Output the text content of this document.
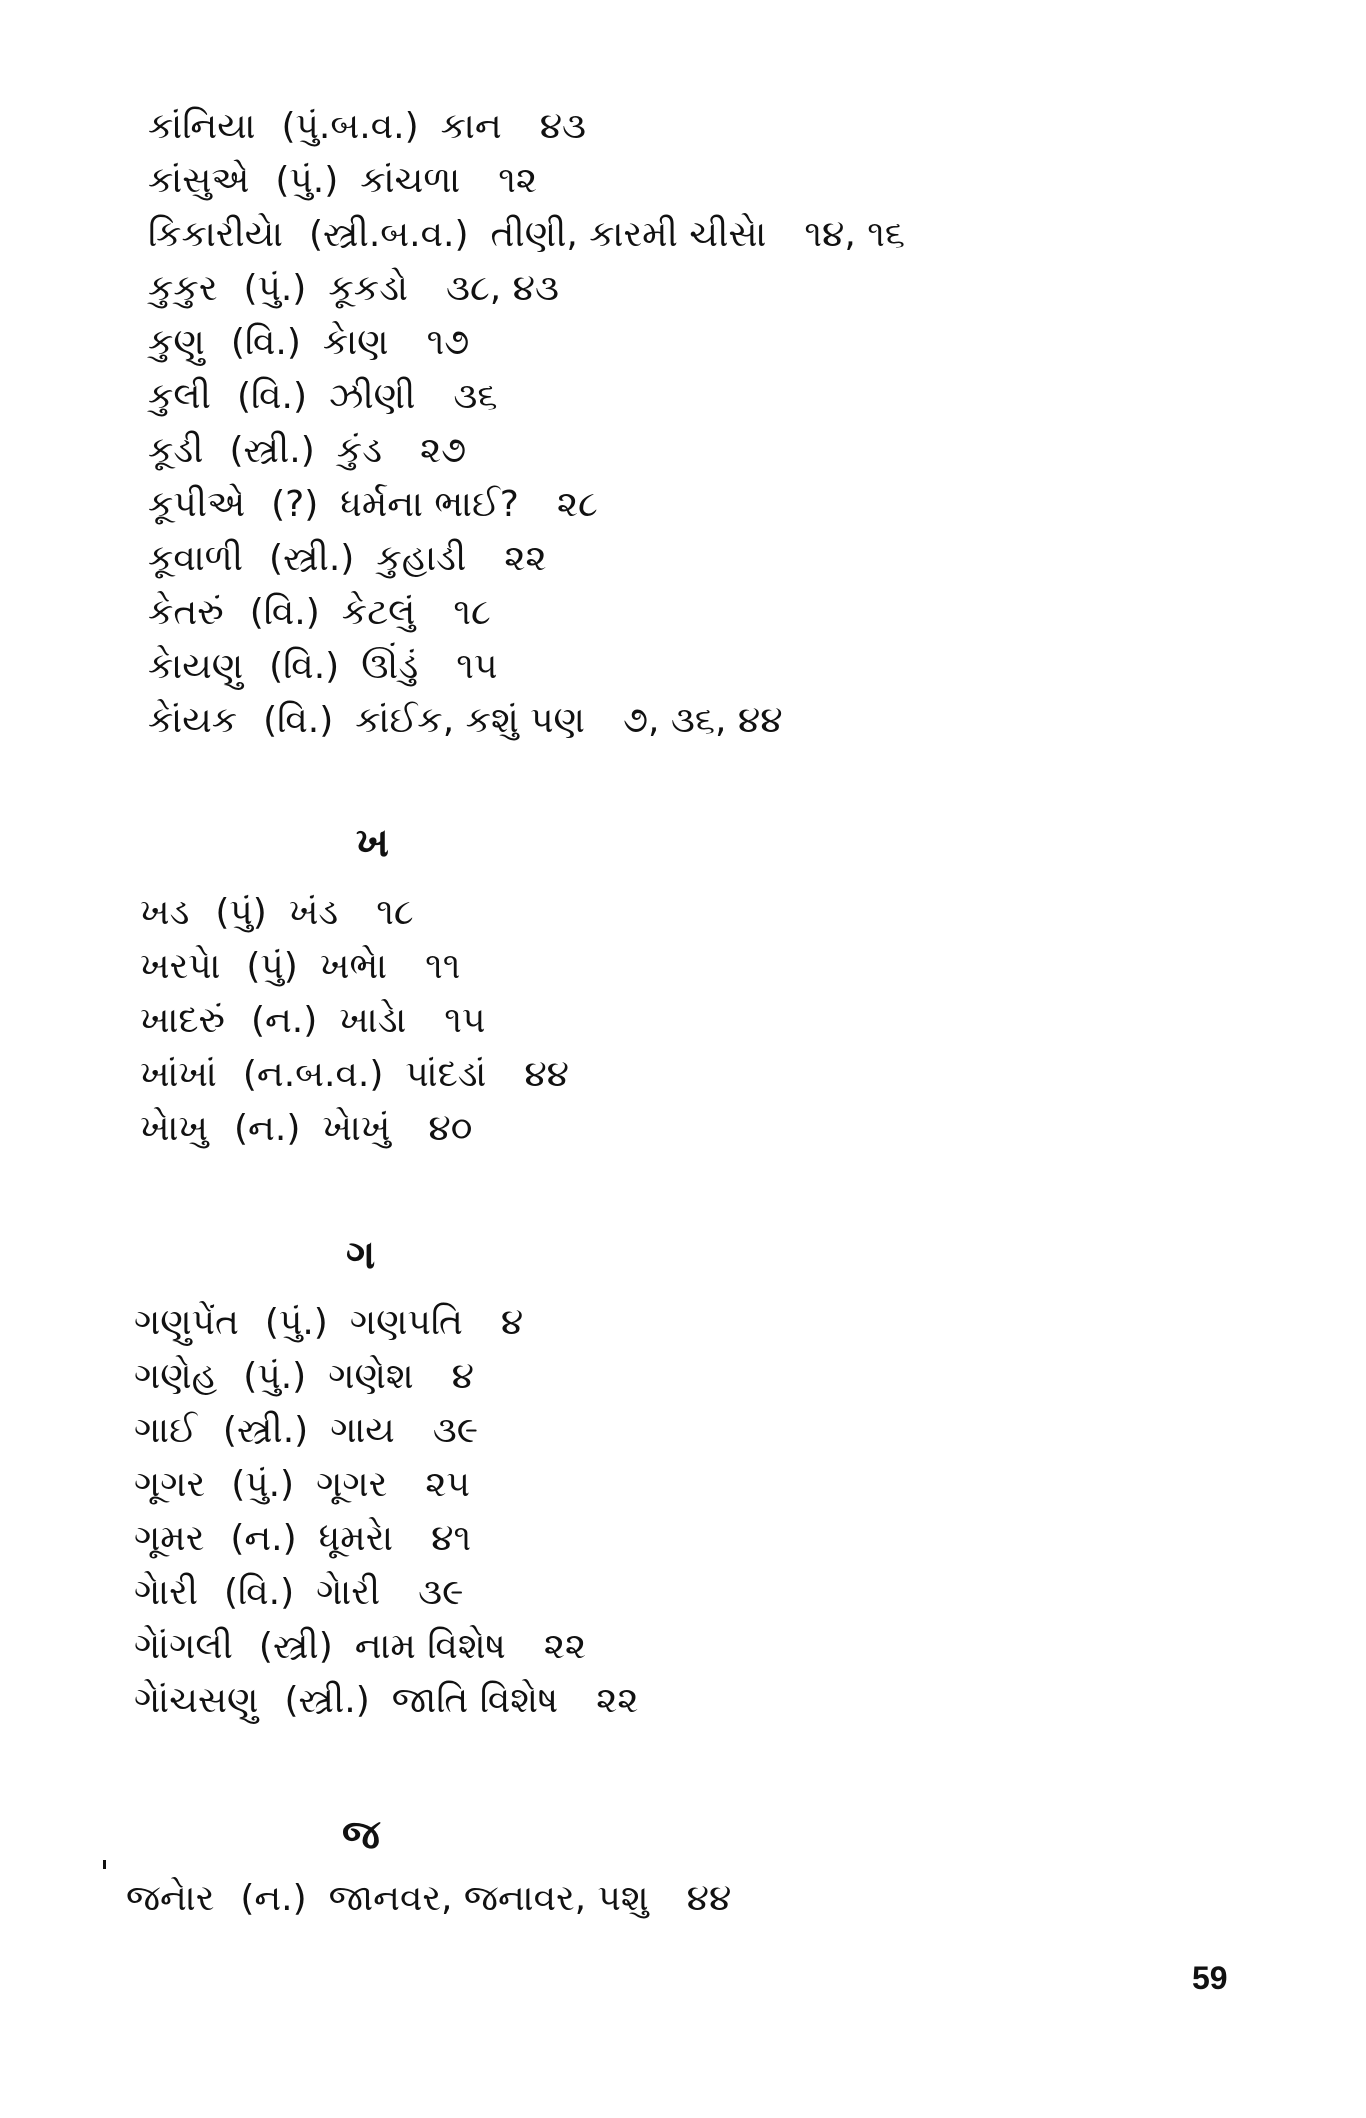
કાંનિયા (પું.બ.વ.) કાન ૪૩
કાંસુએ (પું.) કાંચળા ૧૨
કિકારીયેા (સ્ત્રી.બ.વ.) તીણી, કારમી ચીસેા ૧૪, ૧૬
કુકુર (પું.) કૂકડો ૩૮, ૪૩
કુણુ (વિ.) કેાણ ૧૭
કુલી (વિ.) ઝીણી ૩૬
કૂડી (સ્ત્રી.) કુંડ ૨૭
કૂપીએ (?) ધર્મના ભાઈ? ૨૮
કૂવાળી (સ્ત્રી.) કુહાડી ૨૨
કેતરું (વિ.) કેટલું ૧૮
કેાયણુ (વિ.) ઊંડું ૧૫
કેાંયક (વિ.) કાંઈક, કશું પણ ૭, ૩૬, ૪૪
ખ
ખડ (પું) ખંડ ૧૮
ખરપેા (પું) ખભેા ૧૧
ખાદરું (ન.) ખાડેા ૧૫
ખાંખાં (ન.બ.વ.) પાંદડાં ૪૪
ખેાખુ (ન.) ખેાખું ૪૦
ગ
ગણુપેંત (પું.) ગણપતિ ૪
ગણેહ (પું.) ગણેશ ૪
ગાઈ (સ્ત્રી.) ગાય ૩૯
ગૂગર (પું.) ગૂગર ૨૫
ગૂમર (ન.) ધૂમરેા ૪૧
ગેારી (વિ.) ગેારી ૩૯
ગેાંગલી (સ્ત્રી) નામ વિશેષ ૨૨
ગેાંચસણુ (સ્ત્રી.) જાતિ વિશેષ ૨૨
જ
જનેાર (ન.) જાનવર, જનાવર, પશુ ૪૪
59
